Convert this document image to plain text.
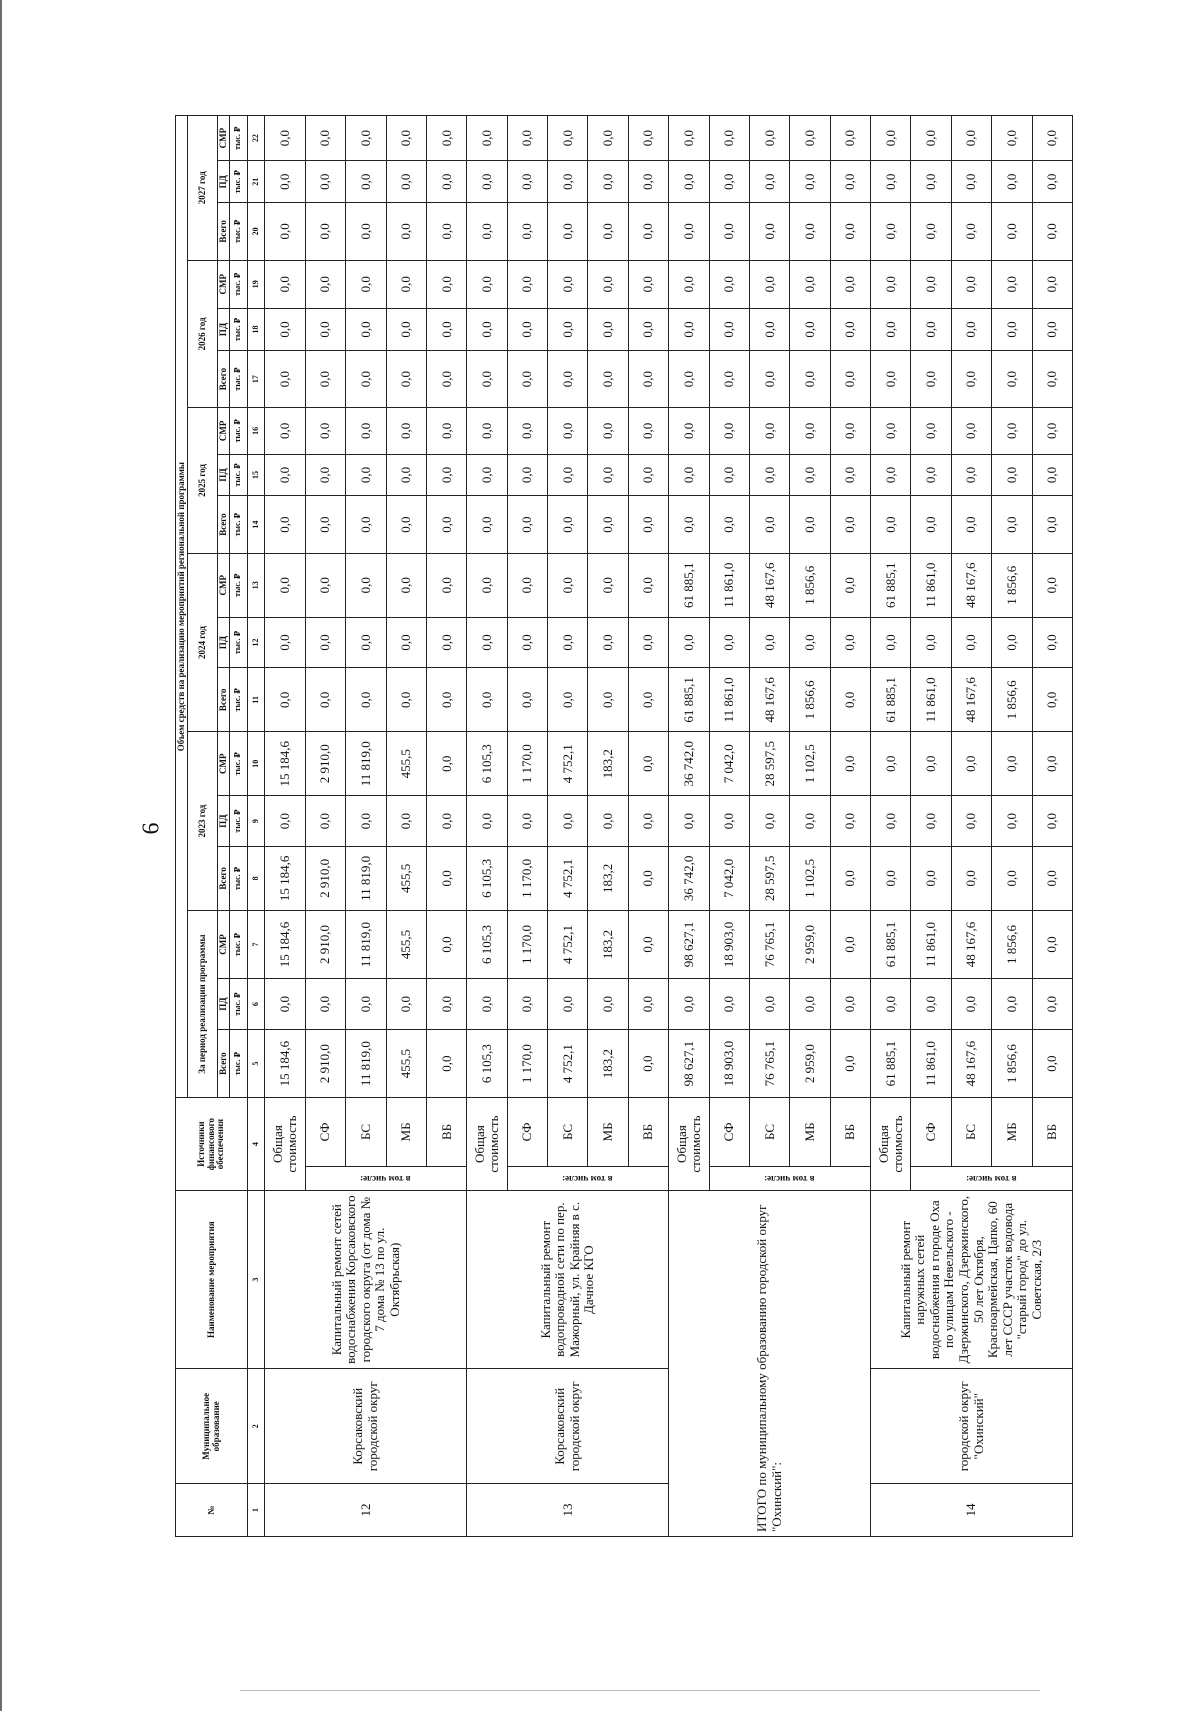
6
№	Муниципальное образование	Наименование мероприятия	Источники финансового обеспечения		Объем средств на реализацию мероприятий региональной программы																	
					За период реализации программы			2023 год			2024 год			2025 год			2026 год			2027 год		
					Всего	ПД	СМР	Всего	ПД	СМР	Всего	ПД	СМР	Всего	ПД	СМР	Всего	ПД	СМР	Всего	ПД	СМР
					тыс. ₽	тыс. ₽	тыс. ₽	тыс. ₽	тыс. ₽	тыс. ₽	тыс. ₽	тыс. ₽	тыс. ₽	тыс. ₽	тыс. ₽	тыс. ₽	тыс. ₽	тыс. ₽	тыс. ₽	тыс. ₽	тыс. ₽	тыс. ₽
1	2	3	4		5	6	7	8	9	10	11	12	13	14	15	16	17	18	19	20	21	22
12	Корсаковский городской округ	Капитальный ремонт сетей водоснабжения Корсаковского городского округа (от дома № 7 дома № 13 по ул. Октябрьская)	Общая стоимость		15 184,6	0,0	15 184,6	15 184,6	0,0	15 184,6	0,0	0,0	0,0	0,0	0,0	0,0	0,0	0,0	0,0	0,0	0,0	0,0
			в том числе:	СФ	2 910,0	0,0	2 910,0	2 910,0	0,0	2 910,0	0,0	0,0	0,0	0,0	0,0	0,0	0,0	0,0	0,0	0,0	0,0	0,0
				БС	11 819,0	0,0	11 819,0	11 819,0	0,0	11 819,0	0,0	0,0	0,0	0,0	0,0	0,0	0,0	0,0	0,0	0,0	0,0	0,0
				МБ	455,5	0,0	455,5	455,5	0,0	455,5	0,0	0,0	0,0	0,0	0,0	0,0	0,0	0,0	0,0	0,0	0,0	0,0
				ВБ	0,0	0,0	0,0	0,0	0,0	0,0	0,0	0,0	0,0	0,0	0,0	0,0	0,0	0,0	0,0	0,0	0,0	0,0
13	Корсаковский городской округ	Капитальный ремонт водопроводной сети по пер. Мажорный, ул. Крайняя в с. Дачное КГО	Общая стоимость		6 105,3	0,0	6 105,3	6 105,3	0,0	6 105,3	0,0	0,0	0,0	0,0	0,0	0,0	0,0	0,0	0,0	0,0	0,0	0,0
			в том числе:	СФ	1 170,0	0,0	1 170,0	1 170,0	0,0	1 170,0	0,0	0,0	0,0	0,0	0,0	0,0	0,0	0,0	0,0	0,0	0,0	0,0
				БС	4 752,1	0,0	4 752,1	4 752,1	0,0	4 752,1	0,0	0,0	0,0	0,0	0,0	0,0	0,0	0,0	0,0	0,0	0,0	0,0
				МБ	183,2	0,0	183,2	183,2	0,0	183,2	0,0	0,0	0,0	0,0	0,0	0,0	0,0	0,0	0,0	0,0	0,0	0,0
				ВБ	0,0	0,0	0,0	0,0	0,0	0,0	0,0	0,0	0,0	0,0	0,0	0,0	0,0	0,0	0,0	0,0	0,0	0,0
ИТОГО по муниципальному образованию городской округ "Охинский":			Общая стоимость		98 627,1	0,0	98 627,1	36 742,0	0,0	36 742,0	61 885,1	0,0	61 885,1	0,0	0,0	0,0	0,0	0,0	0,0	0,0	0,0	0,0
			в том числе:	СФ	18 903,0	0,0	18 903,0	7 042,0	0,0	7 042,0	11 861,0	0,0	11 861,0	0,0	0,0	0,0	0,0	0,0	0,0	0,0	0,0	0,0
				БС	76 765,1	0,0	76 765,1	28 597,5	0,0	28 597,5	48 167,6	0,0	48 167,6	0,0	0,0	0,0	0,0	0,0	0,0	0,0	0,0	0,0
				МБ	2 959,0	0,0	2 959,0	1 102,5	0,0	1 102,5	1 856,6	0,0	1 856,6	0,0	0,0	0,0	0,0	0,0	0,0	0,0	0,0	0,0
				ВБ	0,0	0,0	0,0	0,0	0,0	0,0	0,0	0,0	0,0	0,0	0,0	0,0	0,0	0,0	0,0	0,0	0,0	0,0
14	городской округ "Охинский"	Капитальный ремонт наружных сетей водоснабжения в городе Оха по улицам Невельского - Дзержинского, Дзержинского, 50 лет Октября, Красноармейская, Цапко, 60 лет СССР участок водовода "старый город" до ул. Советская, 2/3	Общая стоимость		61 885,1	0,0	61 885,1	0,0	0,0	0,0	61 885,1	0,0	61 885,1	0,0	0,0	0,0	0,0	0,0	0,0	0,0	0,0	0,0
			в том числе:	СФ	11 861,0	0,0	11 861,0	0,0	0,0	0,0	11 861,0	0,0	11 861,0	0,0	0,0	0,0	0,0	0,0	0,0	0,0	0,0	0,0
				БС	48 167,6	0,0	48 167,6	0,0	0,0	0,0	48 167,6	0,0	48 167,6	0,0	0,0	0,0	0,0	0,0	0,0	0,0	0,0	0,0
				МБ	1 856,6	0,0	1 856,6	0,0	0,0	0,0	1 856,6	0,0	1 856,6	0,0	0,0	0,0	0,0	0,0	0,0	0,0	0,0	0,0
				ВБ	0,0	0,0	0,0	0,0	0,0	0,0	0,0	0,0	0,0	0,0	0,0	0,0	0,0	0,0	0,0	0,0	0,0	0,0
